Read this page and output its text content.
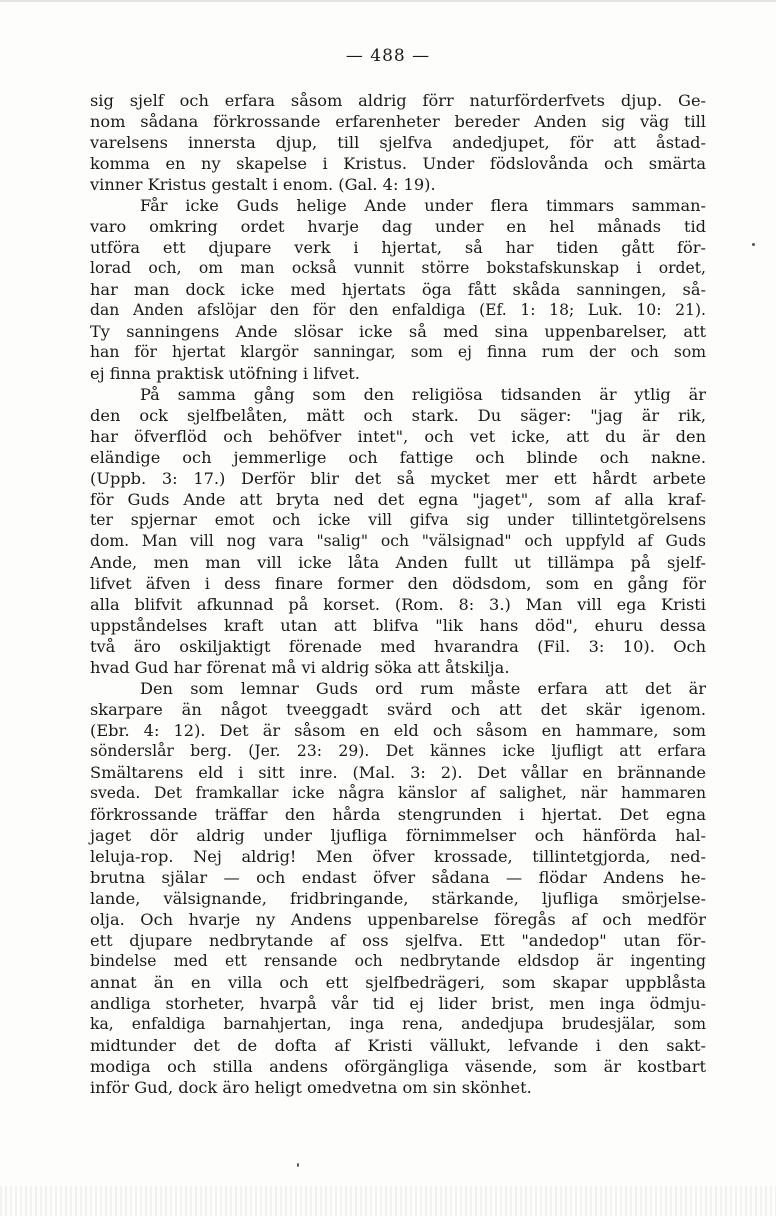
— 488 —
sig sjelf och erfara såsom aldrig förr naturförderfvets djup. Ge-
nom sådana förkrossande erfarenheter bereder Anden sig väg till
varelsens innersta djup, till sjelfva andedjupet, för att åstad-
komma en ny skapelse i Kristus. Under födslovånda och smärta
vinner Kristus gestalt i enom. (Gal. 4: 19).
Får icke Guds helige Ande under flera timmars samman-
varo omkring ordet hvarje dag under en hel månads tid
utföra ett djupare verk i hjertat, så har tiden gått för-
lorad och, om man också vunnit större bokstafskunskap i ordet,
har man dock icke med hjertats öga fått skåda sanningen, så-
dan Anden afslöjar den för den enfaldiga (Ef. 1: 18; Luk. 10: 21).
Ty sanningens Ande slösar icke så med sina uppenbarelser, att
han för hjertat klargör sanningar, som ej finna rum der och som
ej finna praktisk utöfning i lifvet.
På samma gång som den religiösa tidsanden är ytlig är
den ock sjelfbelåten, mätt och stark. Du säger: "jag är rik,
har öfverflöd och behöfver intet", och vet icke, att du är den
eländige och jemmerlige och fattige och blinde och nakne.
(Uppb. 3: 17.) Derför blir det så mycket mer ett hårdt arbete
för Guds Ande att bryta ned det egna "jaget", som af alla kraf-
ter spjernar emot och icke vill gifva sig under tillintetgörelsens
dom. Man vill nog vara "salig" och "välsignad" och uppfyld af Guds
Ande, men man vill icke låta Anden fullt ut tillämpa på sjelf-
lifvet äfven i dess finare former den dödsdom, som en gång för
alla blifvit afkunnad på korset. (Rom. 8: 3.) Man vill ega Kristi
uppståndelses kraft utan att blifva "lik hans död", ehuru dessa
två äro oskiljaktigt förenade med hvarandra (Fil. 3: 10). Och
hvad Gud har förenat må vi aldrig söka att åtskilja.
Den som lemnar Guds ord rum måste erfara att det är
skarpare än något tveeggadt svärd och att det skär igenom.
(Ebr. 4: 12). Det är såsom en eld och såsom en hammare, som
sönderslår berg. (Jer. 23: 29). Det kännes icke ljufligt att erfara
Smältarens eld i sitt inre. (Mal. 3: 2). Det vållar en brännande
sveda. Det framkallar icke några känslor af salighet, när hammaren
förkrossande träffar den hårda stengrunden i hjertat. Det egna
jaget dör aldrig under ljufliga förnimmelser och hänförda hal-
leluja-rop. Nej aldrig! Men öfver krossade, tillintetgjorda, ned-
brutna själar — och endast öfver sådana — flödar Andens he-
lande, välsignande, fridbringande, stärkande, ljufliga smörjelse-
olja. Och hvarje ny Andens uppenbarelse föregås af och medför
ett djupare nedbrytande af oss sjelfva. Ett "andedop" utan för-
bindelse med ett rensande och nedbrytande eldsdop är ingenting
annat än en villa och ett sjelfbedrägeri, som skapar uppblåsta
andliga storheter, hvarpå vår tid ej lider brist, men inga ödmju-
ka, enfaldiga barnahjertan, inga rena, andedjupa brudesjälar, som
midtunder det de dofta af Kristi vällukt, lefvande i den sakt-
modiga och stilla andens oförgängliga väsende, som är kostbart
inför Gud, dock äro heligt omedvetna om sin skönhet.
